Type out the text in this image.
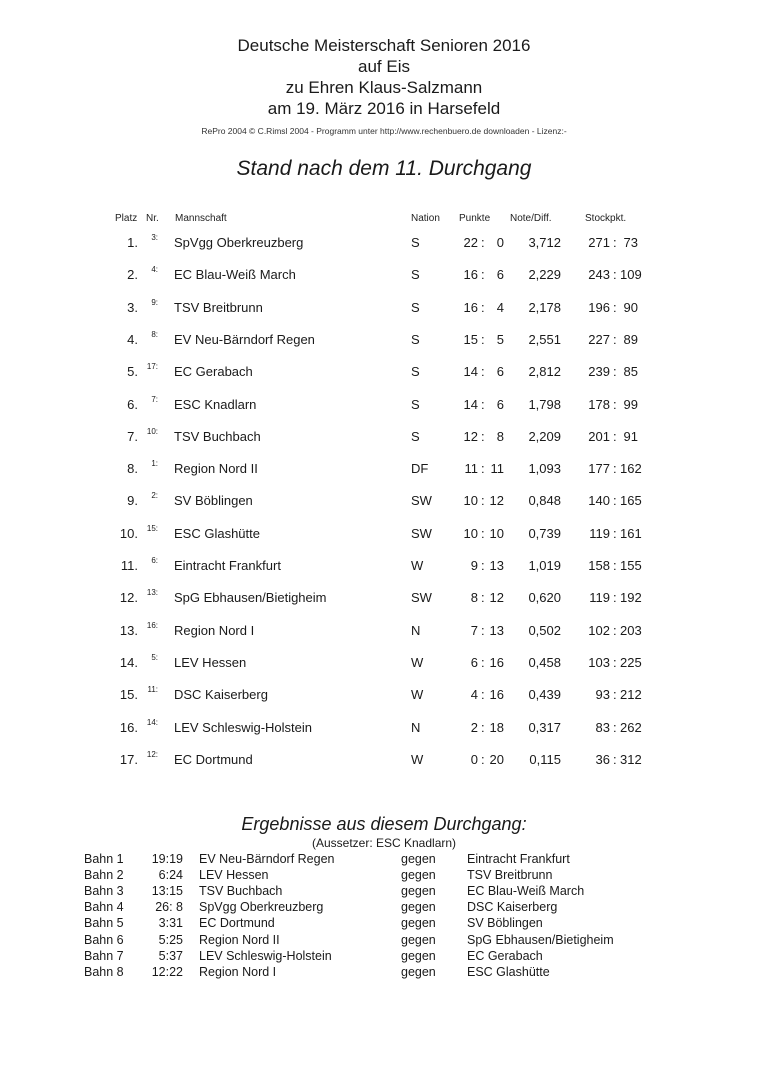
Deutsche Meisterschaft Senioren 2016
auf Eis
zu Ehren Klaus-Salzmann
am 19. März 2016 in Harsefeld
RePro 2004 © C.Rimsl 2004 - Programm unter http://www.rechenbuero.de downloaden - Lizenz:-
Stand nach dem 11. Durchgang
Platz Nr. Mannschaft	Nation Punkte Note/Diff.	Stockpkt.
1.	3: SpVgg Oberkreuzberg	S	22 : 0	3,712	271 : 73
2.	4: EC Blau-Weiß March	S	16 : 6	2,229	243 : 109
3.	9: TSV Breitbrunn	S	16 : 4	2,178	196 : 90
4.	8: EV Neu-Bärndorf Regen	S	15 : 5	2,551	227 : 89
5.	17: EC Gerabach	S	14 : 6	2,812	239 : 85
6.	7: ESC Knadlarn	S	14 : 6	1,798	178 : 99
7.	10: TSV Buchbach	S	12 : 8	2,209	201 : 91
8.	1: Region Nord II	DF	11 : 11	1,093	177 : 162
9.	2: SV Böblingen	SW	10 : 12	0,848	140 : 165
10.	15: ESC Glashütte	SW	10 : 10	0,739	119 : 161
11.	6: Eintracht Frankfurt	W	9 : 13	1,019	158 : 155
12.	13: SpG Ebhausen/Bietigheim	SW	8 : 12	0,620	119 : 192
13.	16: Region Nord I	N	7 : 13	0,502	102 : 203
14.	5: LEV Hessen	W	6 : 16	0,458	103 : 225
15.	11: DSC Kaiserberg	W	4 : 16	0,439	93 : 212
16.	14: LEV Schleswig-Holstein	N	2 : 18	0,317	83 : 262
17.	12: EC Dortmund	W	0 : 20	0,115	36 : 312
Ergebnisse aus diesem Durchgang:
(Aussetzer: ESC Knadlarn)
Bahn 1	19:19 EV Neu-Bärndorf Regen	gegen Eintracht Frankfurt
Bahn 2	6:24 LEV Hessen	gegen TSV Breitbrunn
Bahn 3	13:15 TSV Buchbach	gegen EC Blau-Weiß March
Bahn 4	26: 8 SpVgg Oberkreuzberg	gegen DSC Kaiserberg
Bahn 5	3:31 EC Dortmund	gegen SV Böblingen
Bahn 6	5:25 Region Nord II	gegen SpG Ebhausen/Bietigheim
Bahn 7	5:37 LEV Schleswig-Holstein	gegen EC Gerabach
Bahn 8	12:22 Region Nord I	gegen ESC Glashütte
